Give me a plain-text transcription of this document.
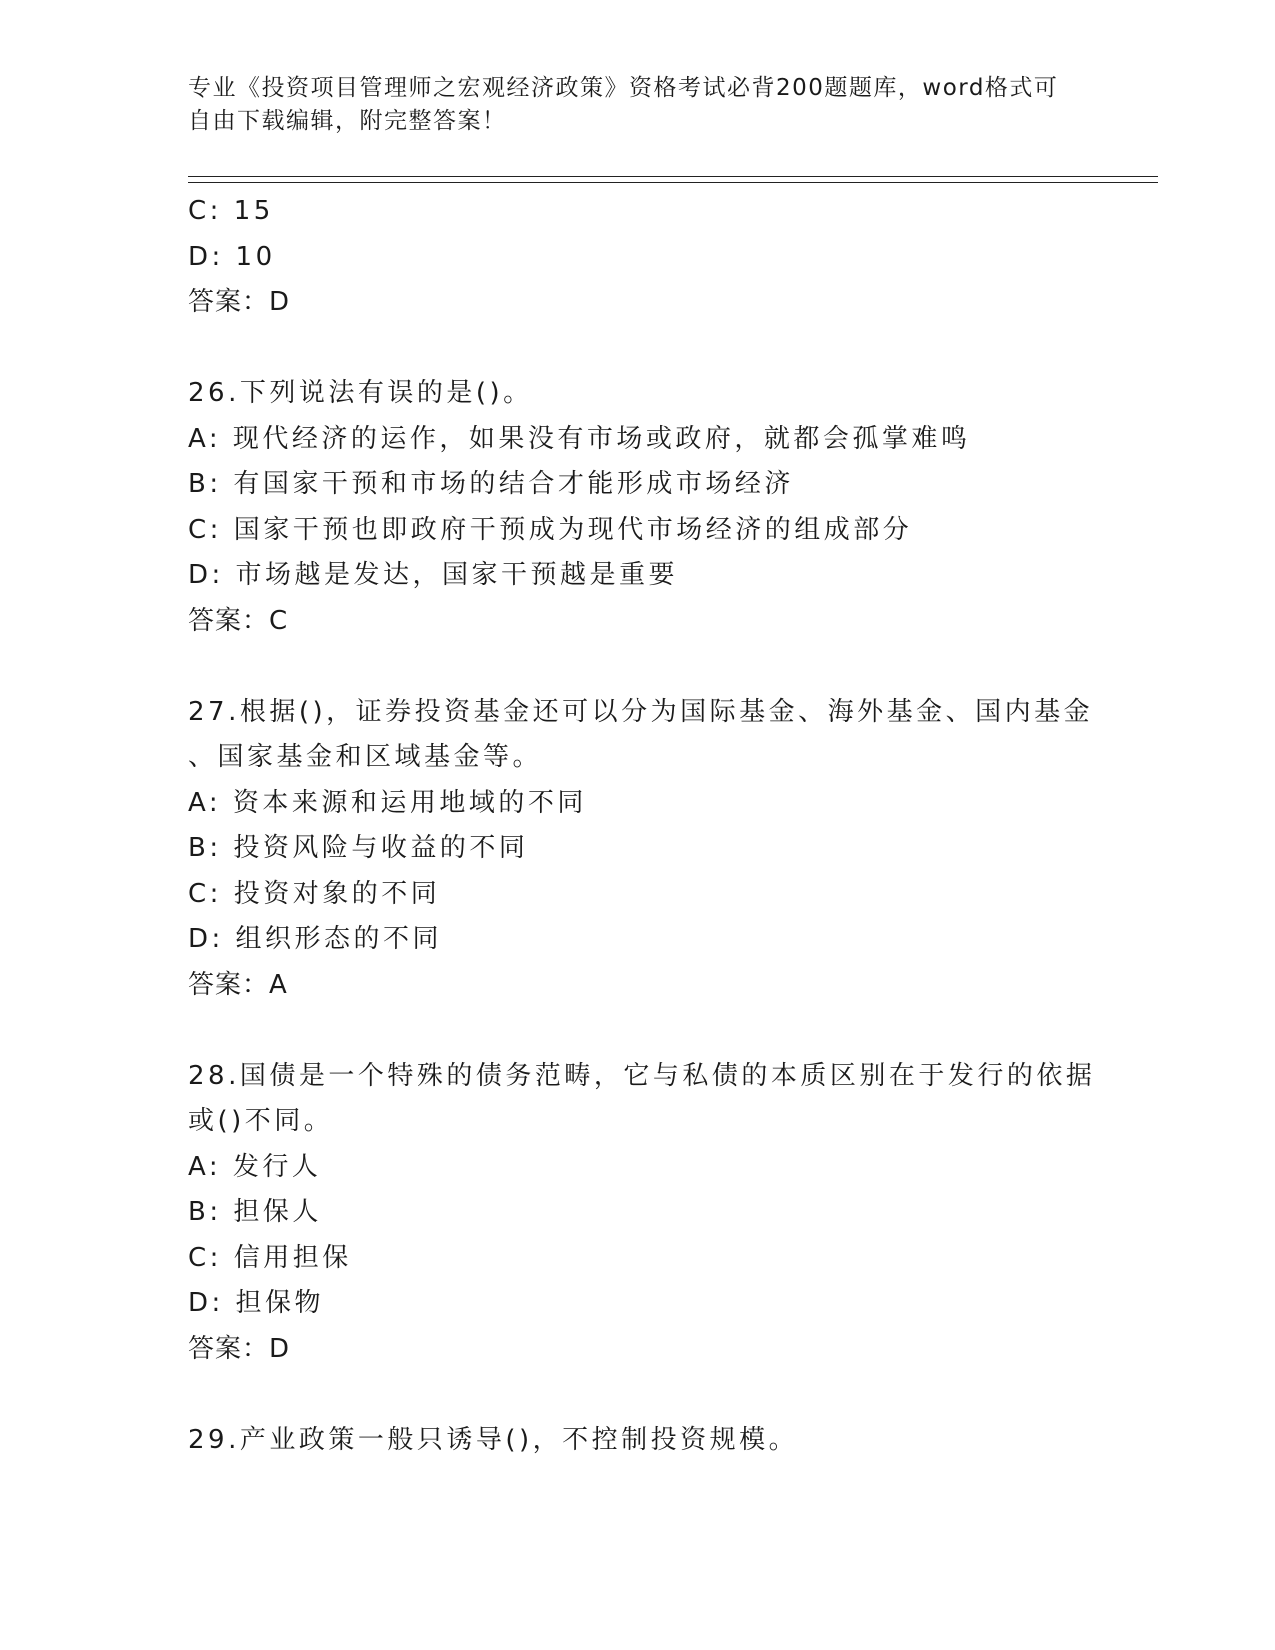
专业《投资项目管理师之宏观经济政策》资格考试必背200题题库，word格式可
自由下载编辑，附完整答案！
C: 15
D: 10
答案：D
26.下列说法有误的是()。
A: 现代经济的运作，如果没有市场或政府，就都会孤掌难鸣
B: 有国家干预和市场的结合才能形成市场经济
C: 国家干预也即政府干预成为现代市场经济的组成部分
D: 市场越是发达，国家干预越是重要
答案：C
27.根据()，证券投资基金还可以分为国际基金、海外基金、国内基金
、国家基金和区域基金等。
A: 资本来源和运用地域的不同
B: 投资风险与收益的不同
C: 投资对象的不同
D: 组织形态的不同
答案：A
28.国债是一个特殊的债务范畴，它与私债的本质区别在于发行的依据
或()不同。
A: 发行人
B: 担保人
C: 信用担保
D: 担保物
答案：D
29.产业政策一般只诱导()，不控制投资规模。
